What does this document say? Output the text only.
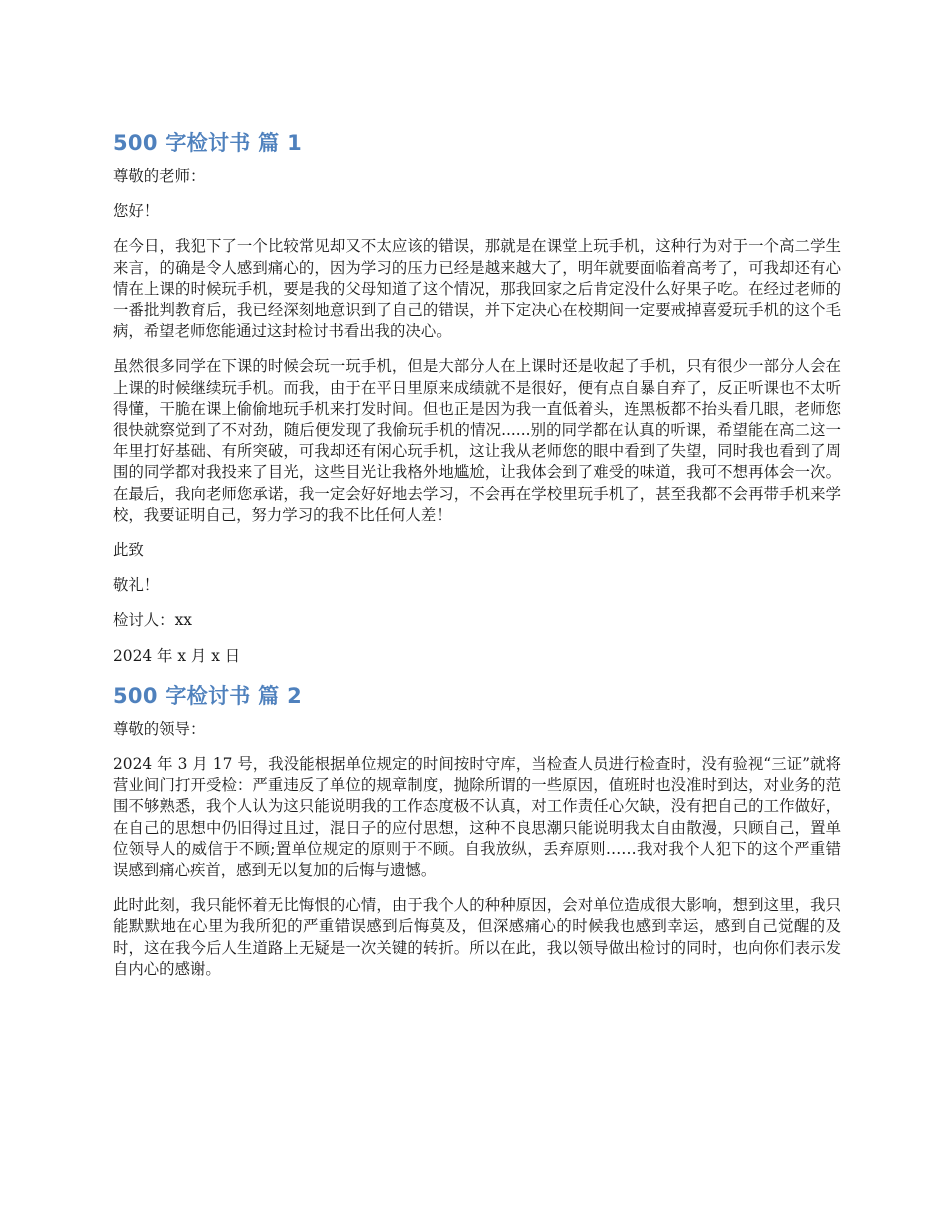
500 字检讨书 篇 1

尊敬的老师：

您好！

在今日，我犯下了一个比较常见却又不太应该的错误，那就是在课堂上玩手机，这种行为对于一个高二学生来言，的确是令人感到痛心的，因为学习的压力已经是越来越大了，明年就要面临着高考了，可我却还有心情在上课的时候玩手机，要是我的父母知道了这个情况，那我回家之后肯定没什么好果子吃。在经过老师的一番批判教育后，我已经深刻地意识到了自己的错误，并下定决心在校期间一定要戒掉喜爱玩手机的这个毛病，希望老师您能通过这封检讨书看出我的决心。

虽然很多同学在下课的时候会玩一玩手机，但是大部分人在上课时还是收起了手机，只有很少一部分人会在上课的时候继续玩手机。而我，由于在平日里原来成绩就不是很好，便有点自暴自弃了，反正听课也不太听得懂，干脆在课上偷偷地玩手机来打发时间。但也正是因为我一直低着头，连黑板都不抬头看几眼，老师您很快就察觉到了不对劲，随后便发现了我偷玩手机的情况......别的同学都在认真的听课，希望能在高二这一年里打好基础、有所突破，可我却还有闲心玩手机，这让我从老师您的眼中看到了失望，同时我也看到了周围的同学都对我投来了目光，这些目光让我格外地尴尬，让我体会到了难受的味道，我可不想再体会一次。在最后，我向老师您承诺，我一定会好好地去学习，不会再在学校里玩手机了，甚至我都不会再带手机来学校，我要证明自己，努力学习的我不比任何人差！

此致

敬礼！

检讨人：xx

2024 年 x 月 x 日

500 字检讨书 篇 2

尊敬的领导：

2024 年 3 月 17 号，我没能根据单位规定的时间按时守库，当检查人员进行检查时，没有验视“三证”就将营业间门打开受检：严重违反了单位的规章制度，抛除所谓的一些原因，值班时也没准时到达，对业务的范围不够熟悉，我个人认为这只能说明我的工作态度极不认真，对工作责任心欠缺，没有把自己的工作做好，在自己的思想中仍旧得过且过，混日子的应付思想，这种不良思潮只能说明我太自由散漫，只顾自己，置单位领导人的威信于不顾;置单位规定的原则于不顾。自我放纵，丢弃原则……我对我个人犯下的这个严重错误感到痛心疾首，感到无以复加的后悔与遗憾。

此时此刻，我只能怀着无比悔恨的心情，由于我个人的种种原因，会对单位造成很大影响，想到这里，我只能默默地在心里为我所犯的严重错误感到后悔莫及，但深感痛心的时候我也感到幸运，感到自己觉醒的及时，这在我今后人生道路上无疑是一次关键的转折。所以在此，我以领导做出检讨的同时，也向你们表示发自内心的感谢。
